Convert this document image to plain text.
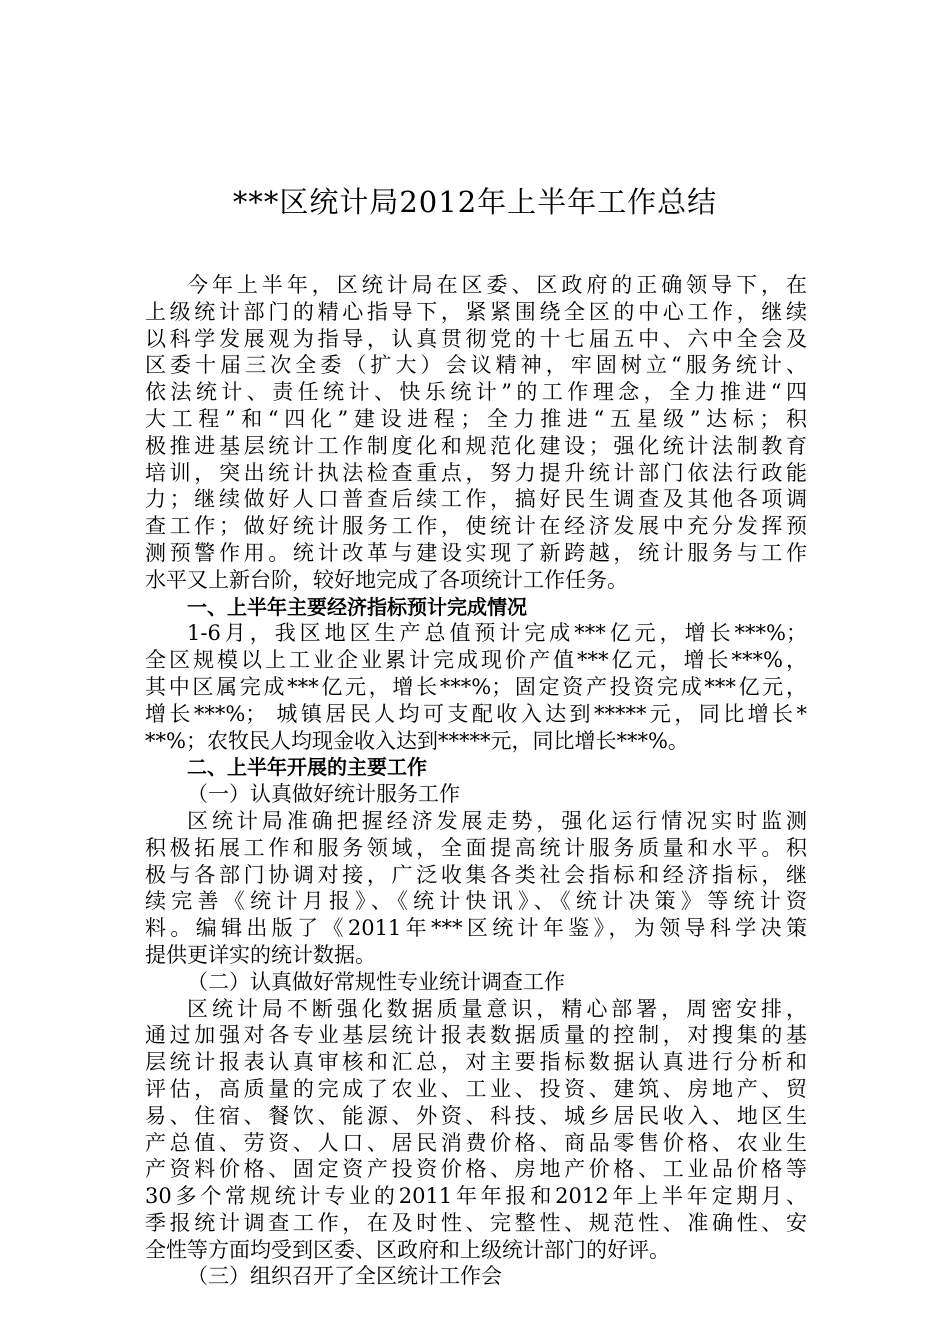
***区统计局2012年上半年工作总结
今年上半年，区统计局在区委、区政府的正确领导下，在
上级统计部门的精心指导下，紧紧围绕全区的中心工作，继续
以科学发展观为指导，认真贯彻党的十七届五中、六中全会及
区委十届三次全委（扩大）会议精神，牢固树立“服务统计、
依法统计、责任统计、快乐统计”的工作理念，全力推进“四
大工程”和“四化”建设进程；全力推进“五星级”达标；积
极推进基层统计工作制度化和规范化建设；强化统计法制教育
培训，突出统计执法检查重点，努力提升统计部门依法行政能
力；继续做好人口普查后续工作，搞好民生调查及其他各项调
查工作；做好统计服务工作，使统计在经济发展中充分发挥预
测预警作用。统计改革与建设实现了新跨越，统计服务与工作
水平又上新台阶，较好地完成了各项统计工作任务。
一、上半年主要经济指标预计完成情况
1-6月，我区地区生产总值预计完成***亿元，增长***%；
全区规模以上工业企业累计完成现价产值***亿元，增长***%，
其中区属完成***亿元，增长***%；固定资产投资完成***亿元，
增长***%； 城镇居民人均可支配收入达到*****元，同比增长*
**%；农牧民人均现金收入达到*****元，同比增长***%。
二、上半年开展的主要工作
（一）认真做好统计服务工作
区统计局准确把握经济发展走势，强化运行情况实时监测
积极拓展工作和服务领域，全面提高统计服务质量和水平。积
极与各部门协调对接，广泛收集各类社会指标和经济指标，继
续完善《统计月报》、《统计快讯》、《统计决策》等统计资
料。编辑出版了《2011年***区统计年鉴》，为领导科学决策
提供更详实的统计数据。
（二）认真做好常规性专业统计调查工作
区统计局不断强化数据质量意识，精心部署，周密安排，
通过加强对各专业基层统计报表数据质量的控制，对搜集的基
层统计报表认真审核和汇总，对主要指标数据认真进行分析和
评估，高质量的完成了农业、工业、投资、建筑、房地产、贸
易、住宿、餐饮、能源、外资、科技、城乡居民收入、地区生
产总值、劳资、人口、居民消费价格、商品零售价格、农业生
产资料价格、固定资产投资价格、房地产价格、工业品价格等
30多个常规统计专业的2011年年报和2012年上半年定期月、
季报统计调查工作，在及时性、完整性、规范性、准确性、安
全性等方面均受到区委、区政府和上级统计部门的好评。
（三）组织召开了全区统计工作会
